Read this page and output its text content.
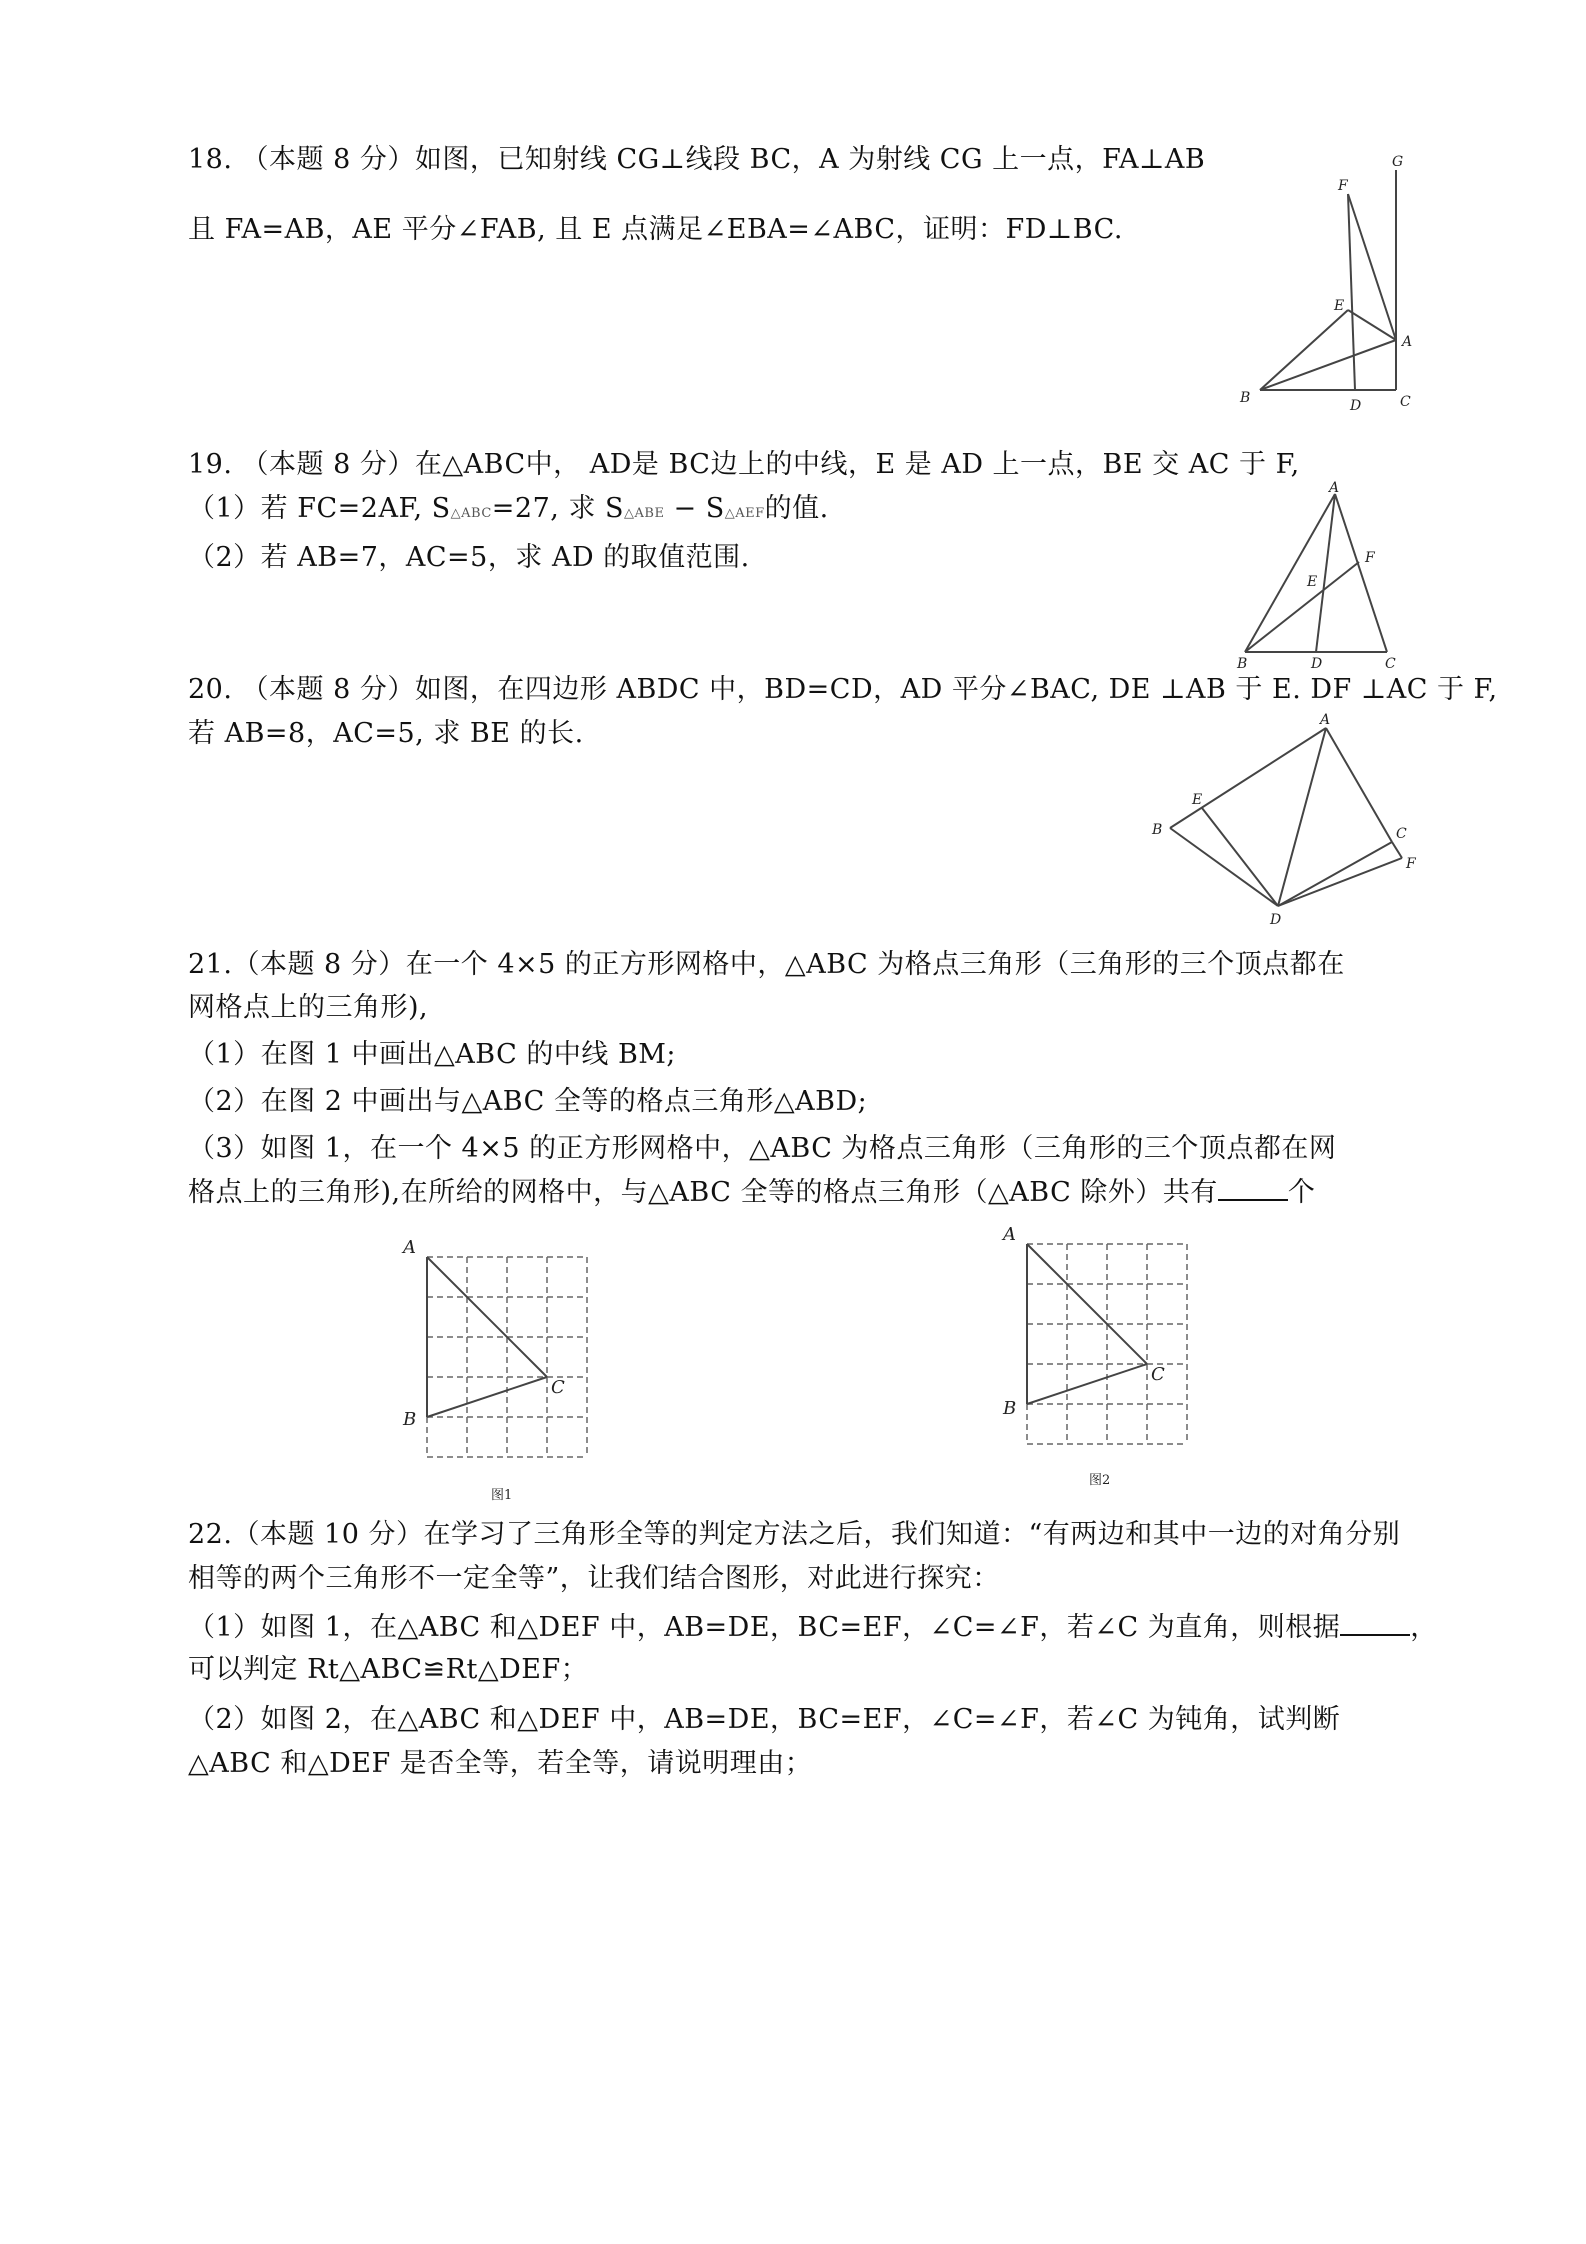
18. （本题 8 分）如图，已知射线 CG⊥线段 BC，A 为射线 CG 上一点，FA⊥AB
且 FA=AB，AE 平分∠FAB, 且 E 点满足∠EBA=∠ABC，证明：FD⊥BC.
F
G
E
A
B	D	C
19. （本题 8 分）在△ABC中， AD是 BC边上的中线，E 是 AD 上一点，BE 交 AC 于 F,
（1）若 FC=2AF, S△ABC=27, 求 S△ABE − S△AEF的值.
（2）若 AB=7，AC=5，求 AD 的取值范围.
A
F
E
B	D	C
20. （本题 8 分）如图，在四边形 ABDC 中，BD=CD，AD 平分∠BAC, DE ⊥AB 于 E. DF ⊥AC 于 F,
若 AB=8，AC=5, 求 BE 的长.	A
E
B	C
F
D
21.（本题 8 分）在一个 4×5 的正方形网格中，△ABC 为格点三角形（三角形的三个顶点都在
网格点上的三角形),
（1）在图 1 中画出△ABC 的中线 BM;
（2）在图 2 中画出与△ABC 全等的格点三角形△ABD;
（3）如图 1，在一个 4×5 的正方形网格中，△ABC 为格点三角形（三角形的三个顶点都在网
格点上的三角形),在所给的网格中，与△ABC 全等的格点三角形（△ABC 除外）共有	个
A
B
C
图1
A
B
C
图2
22.（本题 10 分）在学习了三角形全等的判定方法之后，我们知道：“有两边和其中一边的对角分别
相等的两个三角形不一定全等”，让我们结合图形，对此进行探究：
（1）如图 1，在△ABC 和△DEF 中，AB=DE，BC=EF，∠C=∠F，若∠C 为直角，则根据	，
可以判定 Rt△ABC≌Rt△DEF；
（2）如图 2，在△ABC 和△DEF 中，AB=DE，BC=EF，∠C=∠F，若∠C 为钝角，试判断
△ABC 和△DEF 是否全等，若全等，请说明理由；
